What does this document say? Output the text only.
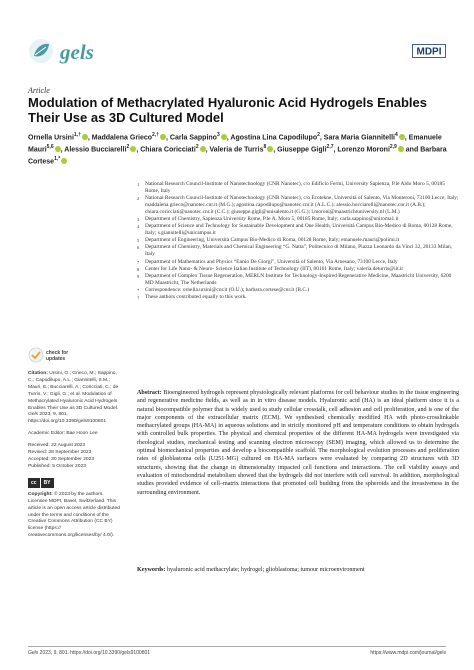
gels	MDPI
Article
Modulation of Methacrylated Hyaluronic Acid Hydrogels Enables Their Use as 3D Cultured Model
Ornella Ursini$^{1,\dagger}$ , Maddalena Grieco$^{2,\dagger}$ , Carla Sappino$^3$ , Agostina Lina Capodilupo$^2$, Sara Maria Giannitelli$^4$ , Emanuele Mauri$^{5,6}$ , Alessio Bucciarelli$^2$ , Chiara Coricciati$^2$ , Valeria de Turris$^8$ , Giuseppe Gigli$^{2,7}$, Lorenzo Moroni$^{2,9}$ and Barbara Cortese$^{1,*}$
1 National Research Council-Institute of Nanotechnology (CNR Nanotec), c/o Edificio Fermi, University Sapienza, P.le Aldo Moro 5, 00185 Rome, Italy
2 National Research Council-Institute of Nanotechnology (CNR Nanotec), c/o Ecotekne, Università of Salento, Via Monteroni, 73100 Lecce, Italy; maddalena.grieco@nanotec.cnr.it (M.G.); agostina.capodilupo@nanotec.cnr.it (A.L.C.); alessio.bucciarelli@nanotec.cnr.it (A.B.); chiara.coricciati@nanotec.cnr.it (C.C.); giuseppe.gigli@unisalento.it (G.G.); l.moroni@maastrichtuniversity.nl (L.M.)
3 Department of Chemistry, Sapienza University Rome, P.le A. Moro 5, 00185 Rome, Italy; carla.sappino@uniroma1.it
4 Department of Science and Technology for Sustainable Development and One Health, Università Campus Bio-Medico di Roma, 00128 Rome, Italy; s.giannitelli@unicampus.it
5 Department of Engineering, Università Campus Bio-Medico di Roma, 00128 Rome, Italy; emanuele.mauri@polimi.it
6 Department of Chemistry, Materials and Chemical Engineering “G. Natta”, Politecnico di Milano, Piazza Leonardo da Vinci 32, 20133 Milan, Italy
7 Department of Mathematics and Physics “Ennio De Giorgi”, Università of Salento, Via Arnesano, 73100 Lecce, Italy
8 Center for Life Nano- & Neuro- Science Italian Institute of Technology (IIT), 00161 Rome, Italy; valeria.deturris@iit.it
9 Department of Complex Tissue Regeneration, MERLN Institute for Technology-Inspired Regenerative Medicine, Maastricht University, 6200 MD Maastricht, The Netherlands
* Correspondence: ornella.ursini@cnr.it (O.U.); barbara.cortese@cnr.it (B.C.)
† These authors contributed equally to this work.
check for
updates
Citation: Ursini, O.; Grieco, M.; Sappino, C.; Capodilupo, A.L.; Giannitelli, S.M.; Mauri, E.; Bucciarelli, A.; Coricciati, C.; de Turris, V.; Gigli, G.; et al. Modulation of Methacrylated Hyaluronic Acid Hydrogels Enables Their Use as 3D Cultured Model. Gels 2023, 9, 801. https://doi.org/10.3390/gels9100801
Academic Editor: Bae Hoon Lee
Received: 22 August 2023
Revised: 28 September 2023
Accepted: 30 September 2023
Published: 5 October 2023
cc	BY
Copyright: © 2023 by the authors. Licensee MDPI, Basel, Switzerland. This article is an open access article distributed under the terms and conditions of the Creative Commons Attribution (CC BY) license (https:// creativecommons.org/licenses/by/ 4.0/).
Abstract: Bioengineered hydrogels represent physiologically relevant platforms for cell behaviour studies in the tissue engineering and regenerative medicine fields, as well as in in vitro disease models. Hyaluronic acid (HA) is an ideal platform since it is a natural biocompatible polymer that is widely used to study cellular crosstalk, cell adhesion and cell proliferation, and is one of the major components of the extracellular matrix (ECM). We synthesised chemically modified HA with photo-crosslinkable methacrylated groups (HA-MA) in aqueous solutions and in strictly monitored pH and temperature conditions to obtain hydrogels with controlled bulk properties. The physical and chemical properties of the different HA-MA hydrogels were investigated via rheological studies, mechanical testing and scanning electron microscopy (SEM) imaging, which allowed us to determine the optimal biomechanical properties and develop a biocompatible scaffold. The morphological evolution processes and proliferation rates of glioblastoma cells (U251-MG) cultured on HA-MA surfaces were evaluated by comparing 2D structures with 3D structures, showing that the change in dimensionality impacted cell functions and interactions. The cell viability assays and evaluation of mitochondrial metabolism showed that the hydrogels did not interfere with cell survival. In addition, morphological studies provided evidence of cell–matrix interactions that promoted cell budding from the spheroids and the invasiveness in the surrounding environment.
Keywords: hyaluronic acid methacrylate; hydrogel; glioblastoma; tumour microenvironment
Gels 2023, 9, 801. https://doi.org/10.3390/gels9100801	https://www.mdpi.com/journal/gels
